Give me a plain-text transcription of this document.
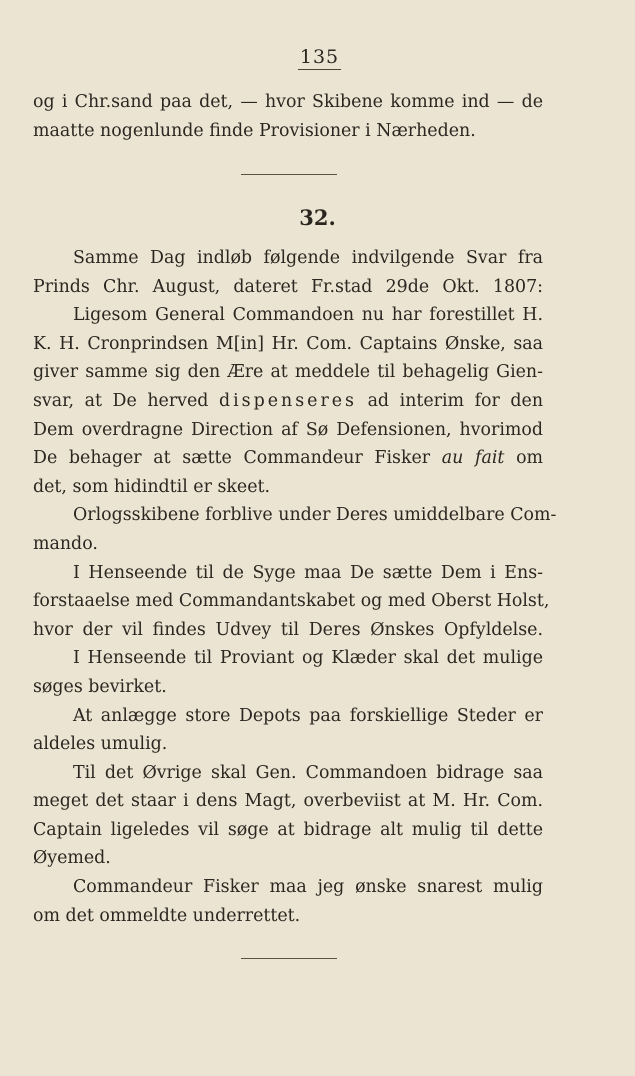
135
og i Chr.sand paa det, — hvor Skibene komme ind — de
maatte nogenlunde finde Provisioner i Nærheden.
32.
Samme Dag indløb følgende indvilgende Svar fra
Prinds Chr. August, dateret Fr.stad 29de Okt. 1807:
Ligesom General Commandoen nu har forestillet H.
K. H. Cronprindsen M[in] Hr. Com. Captains Ønske, saa
giver samme sig den Ære at meddele til behagelig Gien-
svar, at De herved dispenseres ad interim for den
Dem overdragne Direction af Sø Defensionen, hvorimod
De behager at sætte Commandeur Fisker au fait om
det, som hidindtil er skeet.
Orlogsskibene forblive under Deres umiddelbare Com-
mando.
I Henseende til de Syge maa De sætte Dem i Ens-
forstaaelse med Commandantskabet og med Oberst Holst,
hvor der vil findes Udvey til Deres Ønskes Opfyldelse.
I Henseende til Proviant og Klæder skal det mulige
søges bevirket.
At anlægge store Depots paa forskiellige Steder er
aldeles umulig.
Til det Øvrige skal Gen. Commandoen bidrage saa
meget det staar i dens Magt, overbeviist at M. Hr. Com.
Captain ligeledes vil søge at bidrage alt mulig til dette
Øyemed.
Commandeur Fisker maa jeg ønske snarest mulig
om det ommeldte underrettet.
